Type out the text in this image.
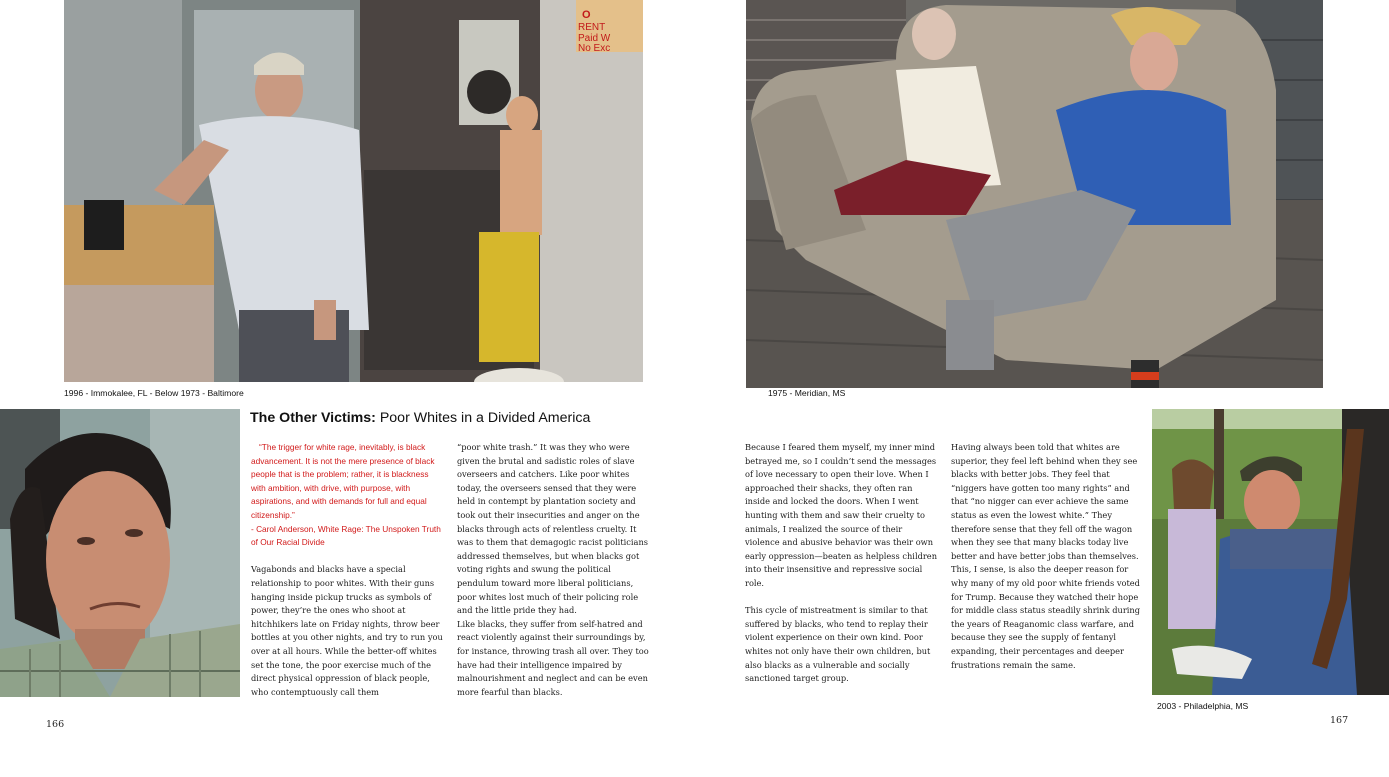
O
RENT
Paid W
No Exc
1996 - Immokalee, FL - Below 1973 - Baltimore
The Other Victims: Poor Whites in a Divided America

“The trigger for white rage, inevitably, is black advancement. It is not the mere presence of black people that is the problem; rather, it is blackness with ambition, with drive, with purpose, with aspirations, and with demands for full and equal citizenship.”

- Carol Anderson, White Rage: The Unspoken Truth of Our Racial Divide

Vagabonds and blacks have a special relationship to poor whites. With their guns hanging inside pickup trucks as symbols of power, they’re the ones who shoot at hitchhikers late on Friday nights, throw beer bottles at you other nights, and try to run you over at all hours. While the better-off whites set the tone, the poor exercise much of the direct physical oppression of black people, who contemptuously call them

“poor white trash.” It was they who were given the brutal and sadistic roles of slave overseers and catchers. Like poor whites today, the overseers sensed that they were held in contempt by plantation society and took out their insecurities and anger on the blacks through acts of relentless cruelty. It was to them that demagogic racist politicians addressed themselves, but when blacks got voting rights and swung the political pendulum toward more liberal politicians, poor whites lost much of their policing role and the little pride they had.

Like blacks, they suffer from self-hatred and react violently against their surroundings by, for instance, throwing trash all over. They too have had their intelligence impaired by malnourishment and neglect and can be even more fearful than blacks.

166
1975 - Meridian, MS

Because I feared them myself, my inner mind betrayed me, so I couldn’t send the messages of love necessary to open their love. When I approached their shacks, they often ran inside and locked the doors. When I went hunting with them and saw their cruelty to animals, I realized the source of their violence and abusive behavior was their own early oppression—beaten as helpless children into their insensitive and repressive social role.

This cycle of mistreatment is similar to that suffered by blacks, who tend to replay their violent experience on their own kind. Poor whites not only have their own children, but also blacks as a vulnerable and socially sanctioned target group.

Having always been told that whites are superior, they feel left behind when they see blacks with better jobs. They feel that “niggers have gotten too many rights” and that “no nigger can ever achieve the same status as even the lowest white.” They therefore sense that they fell off the wagon when they see that many blacks today live better and have better jobs than themselves.

This, I sense, is also the deeper reason for why many of my old poor white friends voted for Trump. Because they watched their hope for middle class status steadily shrink during the years of Reaganomic class warfare, and because they see the supply of fentanyl expanding, their percentages and deeper frustrations remain the same.

2003 - Philadelphia, MS
167
